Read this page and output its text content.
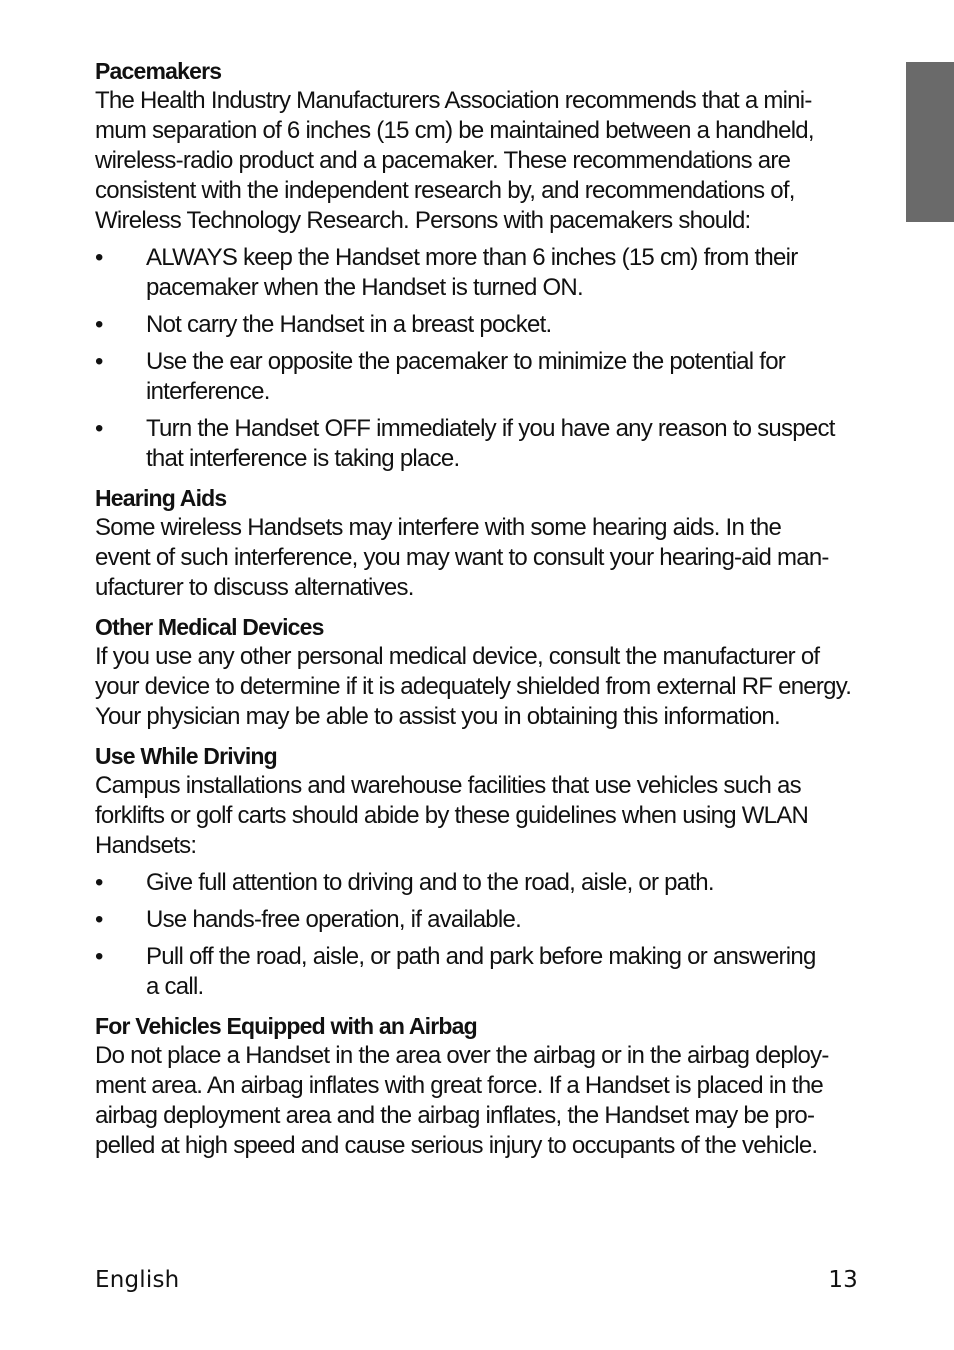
Pacemakers

The Health Industry Manufacturers Association recommends that a mini-
mum separation of 6 inches (15 cm) be maintained between a handheld,
wireless-radio product and a pacemaker. These recommendations are
consistent with the independent research by, and recommendations of,
Wireless Technology Research. Persons with pacemakers should:

•	ALWAYS keep the Handset more than 6 inches (15 cm) from their
pacemaker when the Handset is turned ON.
•	Not carry the Handset in a breast pocket.
•	Use the ear opposite the pacemaker to minimize the potential for
interference.
•	Turn the Handset OFF immediately if you have any reason to suspect
that interference is taking place.
Hearing Aids

Some wireless Handsets may interfere with some hearing aids. In the
event of such interference, you may want to consult your hearing-aid man-
ufacturer to discuss alternatives.

Other Medical Devices

If you use any other personal medical device, consult the manufacturer of
your device to determine if it is adequately shielded from external RF energy.
Your physician may be able to assist you in obtaining this information.

Use While Driving

Campus installations and warehouse facilities that use vehicles such as
forklifts or golf carts should abide by these guidelines when using WLAN
Handsets:

•	Give full attention to driving and to the road, aisle, or path.
•	Use hands-free operation, if available.
•	Pull off the road, aisle, or path and park before making or answering
a call.
For Vehicles Equipped with an Airbag

Do not place a Handset in the area over the airbag or in the airbag deploy-
ment area. An airbag inflates with great force. If a Handset is placed in the
airbag deployment area and the airbag inflates, the Handset may be pro-
pelled at high speed and cause serious injury to occupants of the vehicle.

English	13
